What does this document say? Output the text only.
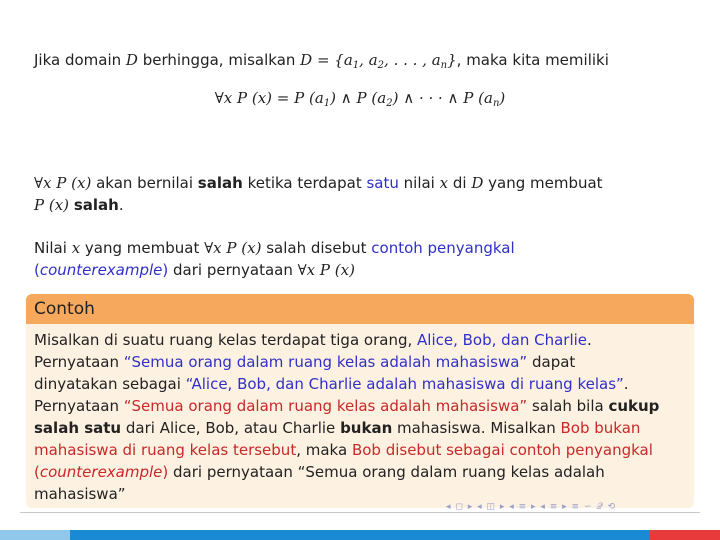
Jika domain D berhingga, misalkan $D = \{a_1$, $a_2$, . . . , $a_n$}, maka kita memiliki
∀x P (x) = P $(a_1)$ ∧ P $(a_2)$ ∧ · · · ∧ P $(a_n)$
∀x P (x) akan bernilai salah ketika terdapat satu nilai x di D yang membuat
P (x) salah.
Nilai x yang membuat ∀x P (x) salah disebut contoh penyangkal
(counterexample) dari pernyataan ∀x P (x)
Contoh
Misalkan di suatu ruang kelas terdapat tiga orang, Alice, Bob, dan Charlie.
Pernyataan “Semua orang dalam ruang kelas adalah mahasiswa” dapat
dinyatakan sebagai “Alice, Bob, dan Charlie adalah mahasiswa di ruang kelas”.
Pernyataan “Semua orang dalam ruang kelas adalah mahasiswa” salah bila cukup
salah satu dari Alice, Bob, atau Charlie bukan mahasiswa. Misalkan Bob bukan
mahasiswa di ruang kelas tersebut, maka Bob disebut sebagai contoh penyangkal
(counterexample) dari pernyataan “Semua orang dalam ruang kelas adalah
mahasiswa”
◂ ◻ ▸ ◂ ◫ ▸ ◂ ≡ ▸ ◂ ≡ ▸ ≡ ∽ 𝒬 ⟲
